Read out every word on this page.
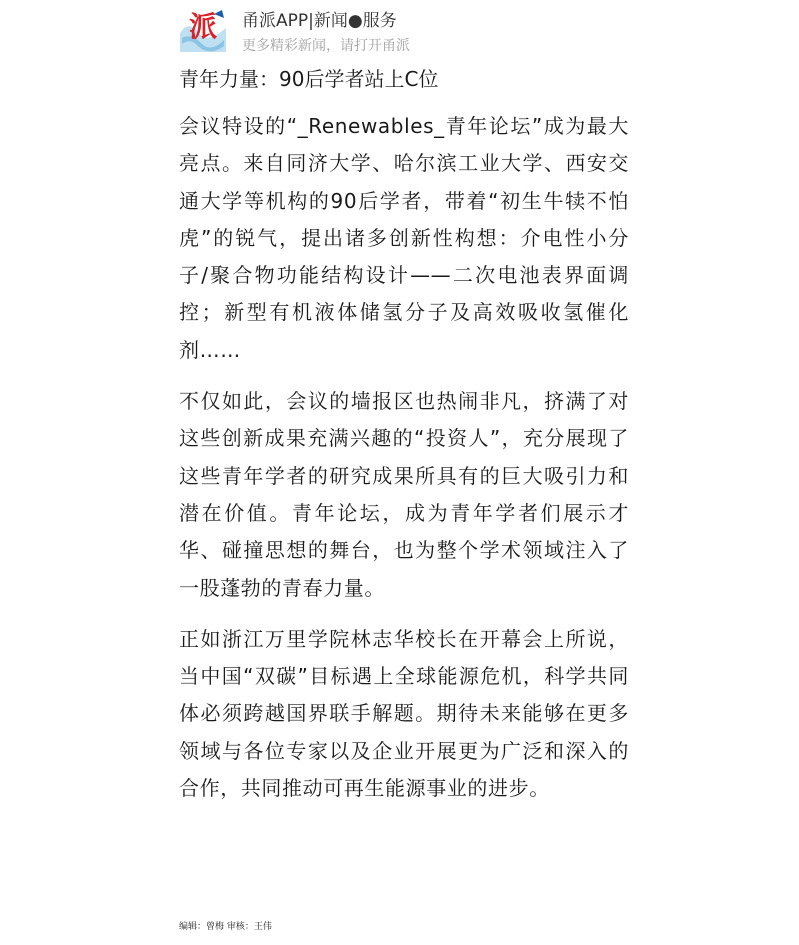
派 甬派APP|新闻●服务
更多精彩新闻，请打开甬派
青年力量：90后学者站上C位

会议特设的“_Renewables_青年论坛”成为最大亮点。来自同济大学、哈尔滨工业大学、西安交通大学等机构的90后学者，带着“初生牛犊不怕虎”的锐气，提出诸多创新性构想：介电性小分子/聚合物功能结构设计——二次电池表界面调控；新型有机液体储氢分子及高效吸收氢催化剂……

不仅如此，会议的墙报区也热闹非凡，挤满了对这些创新成果充满兴趣的“投资人”，充分展现了这些青年学者的研究成果所具有的巨大吸引力和潜在价值。青年论坛，成为青年学者们展示才华、碰撞思想的舞台，也为整个学术领域注入了一股蓬勃的青春力量。

正如浙江万里学院林志华校长在开幕会上所说，当中国“双碳”目标遇上全球能源危机，科学共同体必须跨越国界联手解题。期待未来能够在更多领域与各位专家以及企业开展更为广泛和深入的合作，共同推动可再生能源事业的进步。

编辑：曾梅 审核：王伟
